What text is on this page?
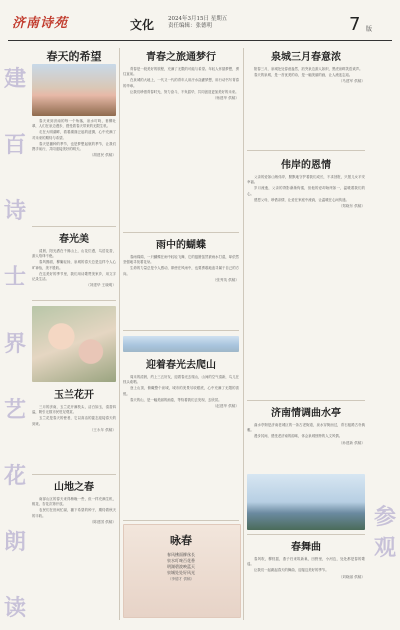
济南诗苑	文化	2024年3月15日 星期五
责任编辑：张德明	7 版
建
百
诗
士
界
艺
花
朗
读
参
观
春天的希望

春天来到济南的每一个角落，泉水叮咚，垂柳吐翠，人们在泉边漫步，感受着春天带来的无限生机。

走在大明湖畔，看着湖面泛起的涟漪，心中充满了对未来的期待与希望。

春天是播种的季节，也是梦想起航的季节，让我们携手前行，共同迎接美好的明天。

（胡建民 供稿）
春光美

清晨，阳光洒在千佛山上，山花烂漫，鸟语花香，游人络绎不绝。

春风拂面，柳絮轻扬，泉城的春天总是这样令人心旷神怡，美不胜收。

在这美好的季节里，我们用诗歌赞美家乡，用文字记录生活。

（刘建华 王晓明）
玉兰花开

三月的济南，玉兰花开满枝头，洁白如玉，清香四溢，吸引无数市民驻足观赏。

玉兰花是春天的使者，它以高洁的姿态迎接春天的到来。

（王永年 供稿）
山地之春

南部山区的春天来得稍晚一些，但一样充满生机，桃花、杏花次第开放。

农民们在田间忙碌，播下希望的种子，期待着秋天的丰收。

（陈建国 供稿）
青春之旅通梦行

青春是一段美好的旅程，充满了无限的可能与希望。年轻人怀揣梦想，勇往直前。

在泉城的大地上，一代又一代的青年人用汗水浇灌梦想，用行动书写青春的华章。

让我们珍惜青春时光，努力奋斗，不负韶华，共同创造更加美好的未来。

（杨建华 供稿）
雨中的蝴蝶

春雨绵绵，一只蝴蝶在雨中轻轻飞舞，它的翅膀虽然被雨水打湿，却依然坚强地寻找着花朵。

生命的力量总是令人感动，即使在风雨中，也要勇敢地追寻属于自己的方向。

（张秀英 供稿）
迎着春光去爬山

周末的清晨，约上三五好友，迎着春光去爬山，山间的空气清新，鸟儿在枝头欢唱。

登上山顶，俯瞰整个泉城，城市的美景尽收眼底，心中充满了无限的喜悦。

春天的山，是一幅美丽的画卷，等待着我们去发现、去欣赏。

（赵建华 供稿）
咏春
春风拂面柳丝长
泉水叮咚百花香
明湖碧波映蓝天
泉城处处好风光
（李德才 供稿）
泉城三月春意浓

阳春三月，泉城处处春意盎然，趵突泉边游人如织，黑虎泉畔笑语欢声。

春天的泉城，是一首优美的诗，是一幅美丽的画，让人流连忘返。

（马建军 供稿）
伟岸的恩情

父亲的爱如山般伟岸，默默地守护着我们成长，不求回报，只愿儿女平安幸福。

岁月流逝，父亲的背影渐渐佝偻，但他的爱却始终如一，温暖着我们的心。

感恩父母，珍惜亲情，让爱在家庭中流淌，让温暖在心间传递。

（郑晓东 供稿）
济南情调曲水亭

曲水亭街是济南老城区的一条古老街道，泉水穿街而过，青石板路古朴典雅。

漫步其间，感受老济南的韵味，体会泉城独特的人文风情。

（孙建新 供稿）
春舞曲

春风吹，柳枝摇，燕子归来筑新巢，田野里，小河边，处处都是春的歌谣。

让我们一起跳起春天的舞曲，迎接这美好的季节。

（刘晓丽 供稿）
